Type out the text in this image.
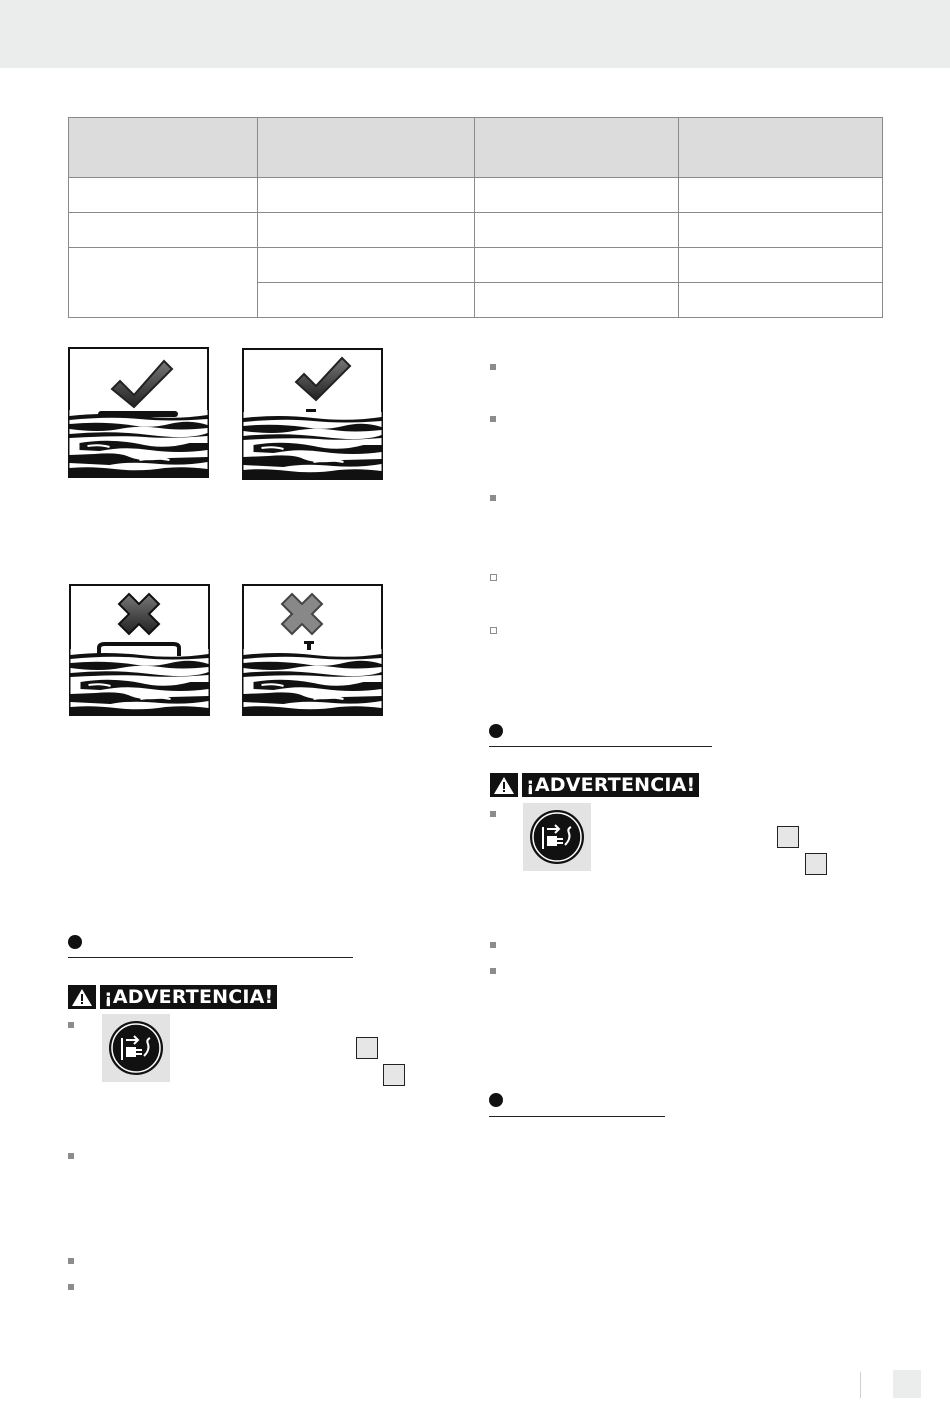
¡ADVERTENCIA!
¡ADVERTENCIA!
